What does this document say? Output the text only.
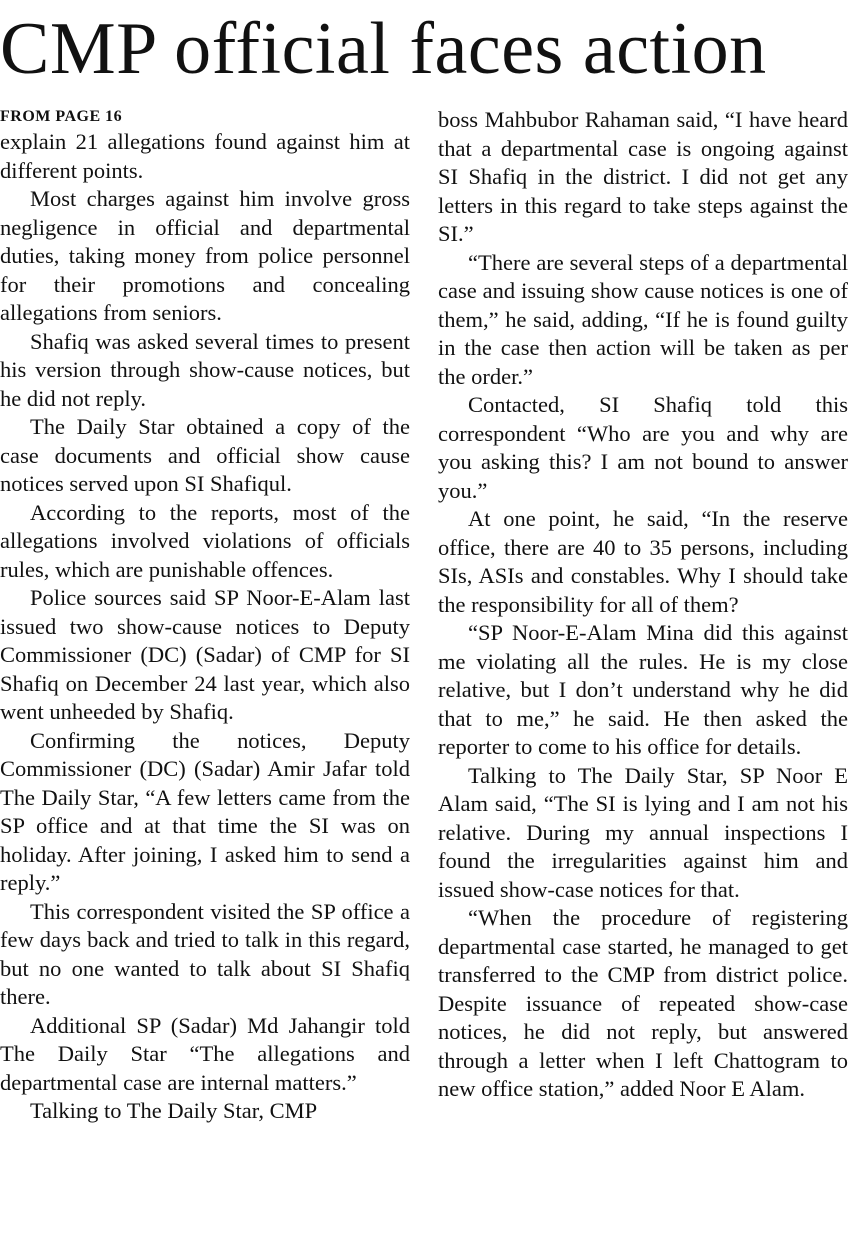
CMP official faces action
FROM PAGE 16

explain 21 allegations found against him at different points.

Most charges against him involve gross negligence in official and departmental duties, taking money from police personnel for their promotions and concealing allegations from seniors.

Shafiq was asked several times to present his version through show-cause notices, but he did not reply.

The Daily Star obtained a copy of the case documents and official show cause notices served upon SI Shafiqul.

According to the reports, most of the allegations involved violations of officials rules, which are punishable offences.

Police sources said SP Noor-E-Alam last issued two show-cause notices to Deputy Commissioner (DC) (Sadar) of CMP for SI Shafiq on December 24 last year, which also went unheeded by Shafiq.

Confirming the notices, Deputy Commissioner (DC) (Sadar) Amir Jafar told The Daily Star, “A few letters came from the SP office and at that time the SI was on holiday. After joining, I asked him to send a reply.”

This correspondent visited the SP office a few days back and tried to talk in this regard, but no one wanted to talk about SI Shafiq there.

Additional SP (Sadar) Md Jahangir told The Daily Star “The allegations and departmental case are internal matters.”

Talking to The Daily Star, CMP

boss Mahbubor Rahaman said, “I have heard that a departmental case is ongoing against SI Shafiq in the district. I did not get any letters in this regard to take steps against the SI.”

“There are several steps of a departmental case and issuing show cause notices is one of them,” he said, adding, “If he is found guilty in the case then action will be taken as per the order.”

Contacted, SI Shafiq told this correspondent “Who are you and why are you asking this? I am not bound to answer you.”

At one point, he said, “In the reserve office, there are 40 to 35 persons, including SIs, ASIs and constables. Why I should take the responsibility for all of them?

“SP Noor-E-Alam Mina did this against me violating all the rules. He is my close relative, but I don’t understand why he did that to me,” he said. He then asked the reporter to come to his office for details.

Talking to The Daily Star, SP Noor E Alam said, “The SI is lying and I am not his relative. During my annual inspections I found the irregularities against him and issued show-case notices for that.

“When the procedure of registering departmental case started, he managed to get transferred to the CMP from district police. Despite issuance of repeated show-case notices, he did not reply, but answered through a letter when I left Chattogram to new office station,” added Noor E Alam.
